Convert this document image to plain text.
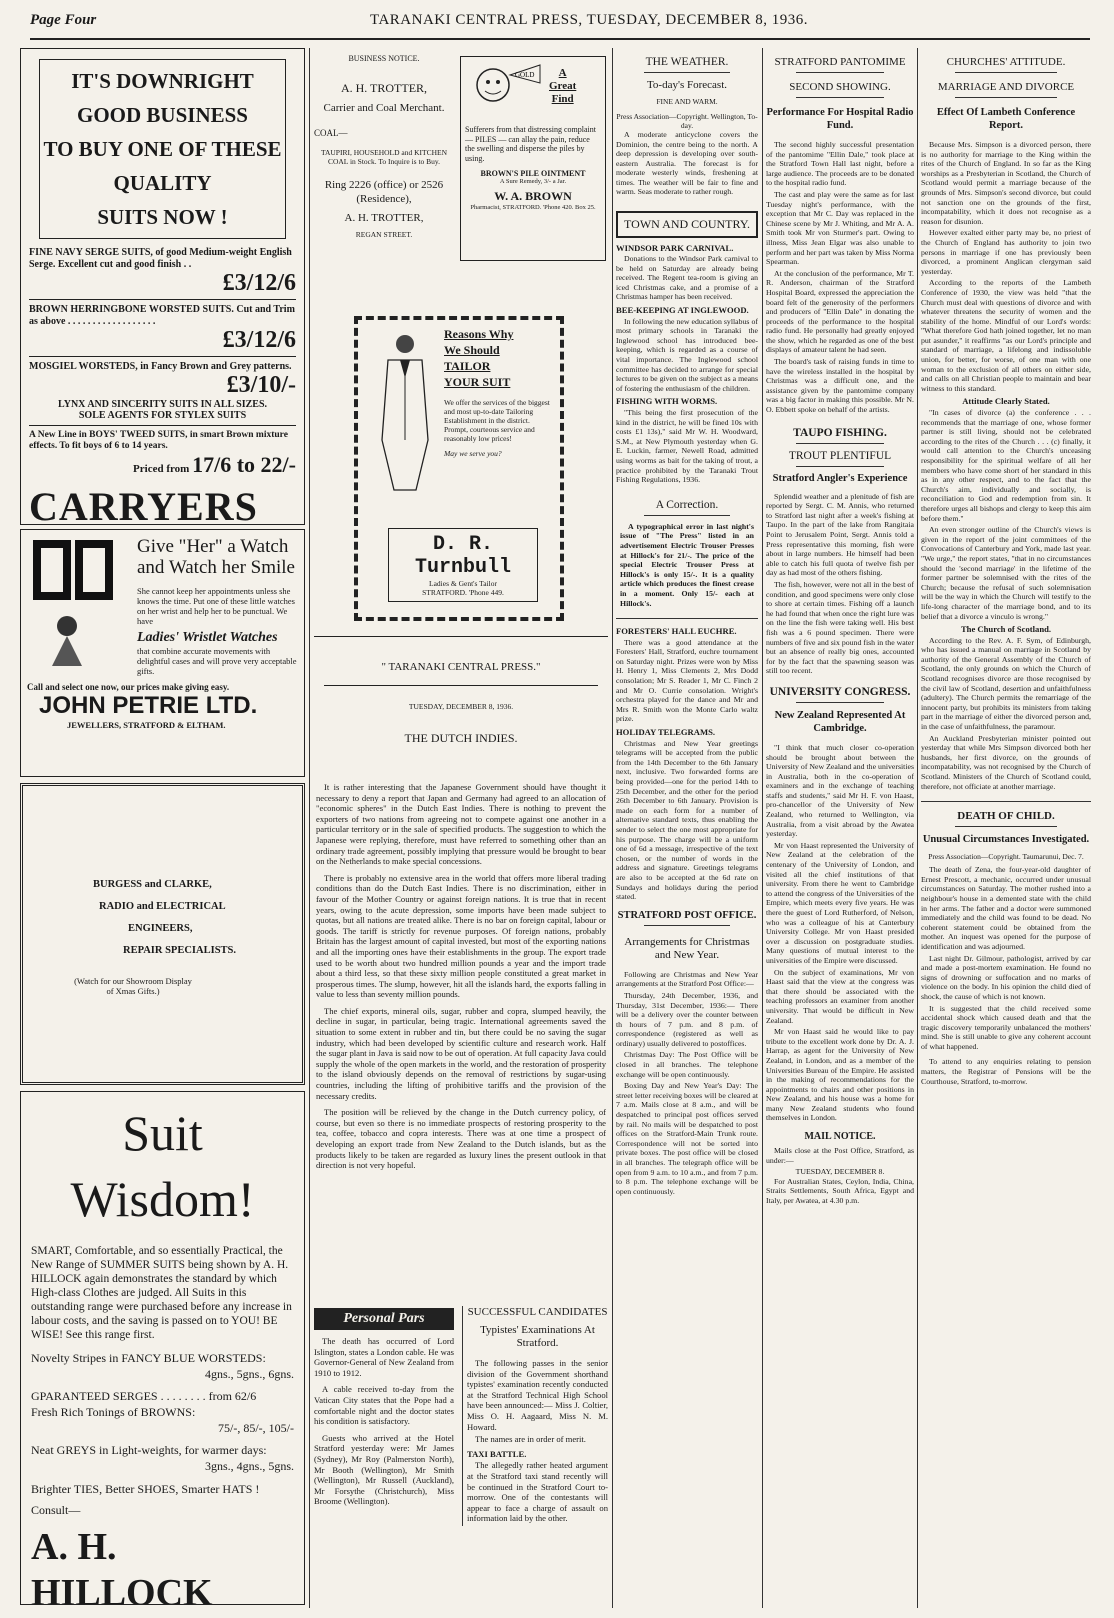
Page Four	TARANAKI CENTRAL PRESS, TUESDAY, DECEMBER 8, 1936.
IT'S DOWNRIGHT GOOD BUSINESS
TO BUY ONE OF THESE QUALITY
SUITS NOW !
FINE NAVY SERGE SUITS, of good Medium-weight English Serge. Excellent cut and good finish . .
£3/12/6
BROWN HERRINGBONE WORSTED SUITS. Cut and Trim as above . . . . . . . . . . . . . . . . . .
£3/12/6
MOSGIEL WORSTEDS, in Fancy Brown and Grey patterns.
£3/10/-
LYNX AND SINCERITY SUITS IN ALL SIZES.
SOLE AGENTS FOR STYLEX SUITS
A New Line in BOYS' TWEED SUITS, in smart Brown mixture effects. To fit boys of 6 to 14 years.
Priced from 17/6 to 22/-
CARRYERS
Give "Her" a Watch
and Watch her Smile
She cannot keep her appointments unless she knows the time. Put one of these little watches on her wrist and help her to be punctual. We have
Ladies' Wristlet Watches
that combine accurate movements with delightful cases and will prove very acceptable gifts.
Call and select one now, our prices make giving easy.
JOHN PETRIE LTD.
JEWELLERS, STRATFORD & ELTHAM.
BURGESS and CLARKE,
RADIO and ELECTRICAL
ENGINEERS,
REPAIR SPECIALISTS.
(Watch for our Showroom Display of Xmas Gifts.)
Suit Wisdom!
SMART, Comfortable, and so essentially Practical, the New Range of SUMMER SUITS being shown by A. H. HILLOCK again demonstrates the standard by which High-class Clothes are judged. All Suits in this outstanding range were purchased before any increase in labour costs, and the saving is passed on to YOU! BE WISE! See this range first.
Novelty Stripes in FANCY BLUE WORSTEDS:
4gns., 5gns., 6gns.
GPARANTEED SERGES . . . . . . . . from 62/6
Fresh Rich Tonings of BROWNS:
75/-, 85/-, 105/-
Neat GREYS in Light-weights, for warmer days:
3gns., 4gns., 5gns.
Brighter TIES, Better SHOES, Smarter HATS !
Consult—
A. H. HILLOCK
BUSINESS NOTICE.
A. H. TROTTER,
Carrier and Coal Merchant.
COAL—
TAUPIRI, HOUSEHOLD and KITCHEN COAL in Stock. To Inquire is to Buy.
Ring 2226 (office) or 2526 (Residence),
A. H. TROTTER,
REGAN STREET.
GOLD	A
Great
Find
Sufferers from that distressing complaint— PILES — can allay the pain, reduce the swelling and disperse the piles by using.
BROWN'S PILE OINTMENT
A Sure Remedy, 3/- a Jar.
W. A. BROWN
Pharmacist, STRATFORD. 'Phone 420. Box 25.
Reasons Why
We Should
TAILOR
YOUR SUIT
We offer the services of the biggest and most up-to-date Tailoring Establishment in the district. Prompt, courteous service and reasonably low prices!
May we serve you?
D. R. Turnbull
Ladies & Gent's Tailor
STRATFORD. 'Phone 449.
" TARANAKI CENTRAL PRESS."
TUESDAY, DECEMBER 8, 1936.
THE DUTCH INDIES.

It is rather interesting that the Japanese Government should have thought it necessary to deny a report that Japan and Germany had agreed to an allocation of "economic spheres" in the Dutch East Indies. There is nothing to prevent the exporters of two nations from agreeing not to compete against one another in a particular territory or in the sale of specified products. The suggestion to which the Japanese were replying, therefore, must have referred to something other than an ordinary trade agreement, possibly implying that pressure would be brought to bear on the Netherlands to make special concessions.

There is probably no extensive area in the world that offers more liberal trading conditions than do the Dutch East Indies. There is no discrimination, either in favour of the Mother Country or against foreign nations. It is true that in recent years, owing to the acute depression, some imports have been made subject to quotas, but all nations are treated alike. There is no bar on foreign capital, labour or goods. The tariff is strictly for revenue purposes. Of foreign nations, probably Britain has the largest amount of capital invested, but most of the exporting nations and all the importing ones have their establishments in the group. The export trade used to be worth about two hundred million pounds a year and the import trade about a third less, so that these sixty million people constituted a great market in prosperous times. The slump, however, hit all the islands hard, the exports falling in value to less than seventy million pounds.

The chief exports, mineral oils, sugar, rubber and copra, slumped heavily, the decline in sugar, in particular, being tragic. International agreements saved the situation to some extent in rubber and tin, but there could be no saving the sugar industry, which had been developed by scientific culture and research work. Half the sugar plant in Java is said now to be out of operation. At full capacity Java could supply the whole of the open markets in the world, and the restoration of prosperity to the island obviously depends on the removal of restrictions by sugar-using countries, including the lifting of prohibitive tariffs and the provision of the necessary credits.

The position will be relieved by the change in the Dutch currency policy, of course, but even so there is no immediate prospects of restoring prosperity to the tea, coffee, tobacco and copra interests. There was at one time a prospect of developing an export trade from New Zealand to the Dutch islands, but as the products likely to be taken are regarded as luxury lines the present outlook in that direction is not very hopeful.

Personal Pars

The death has occurred of Lord Islington, states a London cable. He was Governor-General of New Zealand from 1910 to 1912.

A cable received to-day from the Vatican City states that the Pope had a comfortable night and the doctor states his condition is satisfactory.

Guests who arrived at the Hotel Stratford yesterday were: Mr James (Sydney), Mr Roy (Palmerston North), Mr Booth (Wellington), Mr Smith (Wellington), Mr Russell (Auckland), Mr Forsythe (Christchurch), Miss Broome (Wellington).

SUCCESSFUL CANDIDATES
Typistes' Examinations At Stratford.

The following passes in the senior division of the Government shorthand typistes' examination recently conducted at the Stratford Technical High School have been announced:— Miss J. Coltier, Miss O. H. Aagaard, Miss N. M. Howard.

The names are in order of merit.

TAXI BATTLE.

The allegedly rather heated argument at the Stratford taxi stand recently will be continued in the Stratford Court to-morrow. One of the contestants will appear to face a charge of assault on information laid by the other.

THE WEATHER.
To-day's Forecast.
FINE AND WARM.
Press Association—Copyright. Wellington, To-day.

A moderate anticyclone covers the Dominion, the centre being to the north. A deep depression is developing over south-eastern Australia. The forecast is for moderate westerly winds, freshening at times. The weather will be fair to fine and warm. Seas moderate to rather rough.

TOWN AND COUNTRY.
WINDSOR PARK CARNIVAL.

Donations to the Windsor Park carnival to be held on Saturday are already being received. The Regent tea-room is giving an iced Christmas cake, and a promise of a Christmas hamper has been received.

BEE-KEEPING AT INGLEWOOD.

In following the new education syllabus of most primary schools in Taranaki the Inglewood school has introduced bee-keeping, which is regarded as a course of vital importance. The Inglewood school committee has decided to arrange for special lectures to be given on the subject as a means of fostering the enthusiasm of the children.

FISHING WITH WORMS.

"This being the first prosecution of the kind in the district, he will be fined 10s with costs £1 13s)," said Mr W. H. Woodward, S.M., at New Plymouth yesterday when G. E. Luckin, farmer, Newell Road, admitted using worms as bait for the taking of trout, a practice prohibited by the Taranaki Trout Fishing Regulations, 1936.

A Correction.

A typographical error in last night's issue of "The Press" listed in an advertisement Electric Trouser Presses at Hillock's for 21/-. The price of the special Electric Trouser Press at Hillock's is only 15/-. It is a quality article which produces the finest crease in a moment. Only 15/- each at Hillock's.

FORESTERS' HALL EUCHRE.

There was a good attendance at the Foresters' Hall, Stratford, euchre tournament on Saturday night. Prizes were won by Miss H. Henry 1, Miss Clements 2, Mrs Dodd consolation; Mr S. Reader 1, Mr C. Finch 2 and Mr O. Currie consolation. Wright's orchestra played for the dance and Mr and Mrs R. Smith won the Monte Carlo waltz prize.

HOLIDAY TELEGRAMS.

Christmas and New Year greetings telegrams will be accepted from the public from the 14th December to the 6th January next, inclusive. Two forwarded forms are being provided—one for the period 14th to 25th December, and the other for the period 26th December to 6th January. Provision is made on each form for a number of alternative standard texts, thus enabling the sender to select the one most appropriate for his purpose. The charge will be a uniform one of 6d a message, irrespective of the text chosen, or the number of words in the address and signature. Greetings telegrams are also to be accepted at the 6d rate on Sundays and holidays during the period stated.

STRATFORD POST OFFICE.
Arrangements for Christmas and New Year.

Following are Christmas and New Year arrangements at the Stratford Post Office:—

Thursday, 24th December, 1936, and Thursday, 31st December, 1936:— There will be a delivery over the counter between th hours of 7 p.m. and 8 p.m. of correspondence (registered as well as ordinary) usually delivered to postoffices.

Christmas Day: The Post Office will be closed in all branches. The telephone exchange will be open continuously.

Boxing Day and New Year's Day: The street letter receiving boxes will be cleared at 7 a.m. Mails close at 8 a.m., and will be despatched to principal post offices served by rail. No mails will be despatched to post offices on the Stratford-Main Trunk route. Correspondence will not be sorted into private boxes. The post office will be closed in all branches. The telegraph office will be open from 9 a.m. to 10 a.m., and from 7 p.m. to 8 p.m. The telephone exchange will be open continuously.

STRATFORD PANTOMIME
SECOND SHOWING.
Performance For Hospital Radio Fund.

The second highly successful presentation of the pantomime "Ellin Dale," took place at the Stratford Town Hall last night, before a large audience. The proceeds are to be donated to the hospital radio fund.

The cast and play were the same as for last Tuesday night's performance, with the exception that Mr C. Day was replaced in the Chinese scene by Mr J. Whiting, and Mr A. A. Smith took Mr von Sturmer's part. Owing to illness, Miss Jean Elgar was also unable to perform and her part was taken by Miss Norma Spearman.

At the conclusion of the performance, Mr T. R. Anderson, chairman of the Stratford Hospital Board, expressed the appreciation the board felt of the generosity of the performers and producers of "Ellin Dale" in donating the proceeds of the performance to the hospital radio fund. He personally had greatly enjoyed the show, which he regarded as one of the best displays of amateur talent he had seen.

The board's task of raising funds in time to have the wireless installed in the hospital by Christmas was a difficult one, and the assistance given by the pantomime company was a big factor in making this possible. Mr N. O. Ebbett spoke on behalf of the artists.

TAUPO FISHING.
TROUT PLENTIFUL
Stratford Angler's Experience

Splendid weather and a plenitude of fish are reported by Sergt. C. M. Annis, who returned to Stratford last night after a week's fishing at Taupo. In the part of the lake from Rangitaia Point to Jerusalem Point, Sergt. Annis told a Press representative this morning, fish were about in large numbers. He himself had been able to catch his full quota of twelve fish per day as had most of the others fishing.

The fish, however, were not all in the best of condition, and good specimens were only close to shore at certain times. Fishing off a launch he had found that when once the right lure was on the line the fish were taking well. His best fish was a 6 pound specimen. There were numbers of five and six pound fish in the water but an absence of really big ones, accounted for by the fact that the spawning season was still too recent.

UNIVERSITY CONGRESS.
New Zealand Represented At Cambridge.

"I think that much closer co-operation should be brought about between the University of New Zealand and the universities in Australia, both in the co-operation of examiners and in the exchange of teaching staffs and students," said Mr H. F. von Haast, pro-chancellor of the University of New Zealand, who returned to Wellington, via Australia, from a visit abroad by the Awatea yesterday.

Mr von Haast represented the University of New Zealand at the celebration of the centenary of the University of London, and visited all the chief institutions of that university. From there he went to Cambridge to attend the congress of the Universities of the Empire, which meets every five years. He was there the guest of Lord Rutherford, of Nelson, who was a colleague of his at Canterbury University College. Mr von Haast presided over a discussion on postgraduate studies. Many questions of mutual interest to the universities of the Empire were discussed.

On the subject of examinations, Mr von Haast said that the view at the congress was that there should be associated with the teaching professors an examiner from another university. That would be difficult in New Zealand.

Mr von Haast said he would like to pay tribute to the excellent work done by Dr. A. J. Harrap, as agent for the University of New Zealand, in London, and as a member of the Universities Bureau of the Empire. He assisted in the making of recommendations for the appointments to chairs and other positions in New Zealand, and his house was a home for many New Zealand students who found themselves in London.

MAIL NOTICE.

Mails close at the Post Office, Stratford, as under:—

TUESDAY, DECEMBER 8.

For Australian States, Ceylon, India, China, Straits Settlements, South Africa, Egypt and Italy, per Awatea, at 4.30 p.m.

CHURCHES' ATTITUDE.
MARRIAGE AND DIVORCE
Effect Of Lambeth Conference Report.

Because Mrs. Simpson is a divorced person, there is no authority for marriage to the King within the rites of the Church of England. In so far as the King worships as a Presbyterian in Scotland, the Church of Scotland would permit a marriage because of the grounds of Mrs. Simpson's second divorce, but could not sanction one on the grounds of the first, incompatability, which it does not recognise as a reason for disunion.

However exalted either party may be, no priest of the Church of England has authority to join two persons in marriage if one has previously been divorced, a prominent Anglican clergyman said yesterday.

According to the reports of the Lambeth Conference of 1930, the view was held "that the Church must deal with questions of divorce and with whatever threatens the security of women and the stability of the home. Mindful of our Lord's words: "What therefore God hath joined together, let no man put asunder," it reaffirms "as our Lord's principle and standard of marriage, a lifelong and indissoluble union, for better, for worse, of one man with one woman to the exclusion of all others on either side, and calls on all Christian people to maintain and bear witness to this standard.

Attitude Clearly Stated.

"In cases of divorce (a) the conference . . . recommends that the marriage of one, whose former partner is still living, should not be celebrated according to the rites of the Church . . . (c) finally, it would call attention to the Church's unceasing responsibility for the spiritual welfare of all her members who have come short of her standard in this as in any other respect, and to the fact that the Church's aim, individually and socially, is reconciliation to God and redemption from sin. It therefore urges all bishops and clergy to keep this aim before them."

An even stronger outline of the Church's views is given in the report of the joint committees of the Convocations of Canterbury and York, made last year. "We urge," the report states, "that in no circumstances should the 'second marriage' in the lifetime of the former partner be solemnised with the rites of the Church; because the refusal of such solemnisation will be the way in which the Church will testify to the life-long character of the marriage bond, and to its belief that a divorce a vinculo is wrong."

The Church of Scotland.

According to the Rev. A. F. Sym, of Edinburgh, who has issued a manual on marriage in Scotland by authority of the General Assembly of the Church of Scotland, the only grounds on which the Church of Scotland recognises divorce are those recognised by the civil law of Scotland, desertion and unfaithfulness (adultery). The Church permits the remarriage of the innocent party, but prohibits its ministers from taking part in the marriage of either the divorced person and, in the case of unfaithfulness, the paramour.

An Auckland Presbyterian minister pointed out yesterday that while Mrs Simpson divorced both her husbands, her first divorce, on the grounds of incompatability, was not recognised by the Church of Scotland. Ministers of the Church of Scotland could, therefore, not officiate at another marriage.

DEATH OF CHILD.
Unusual Circumstances Investigated.
Press Association—Copyright. Taumarunui, Dec. 7.

The death of Zena, the four-year-old daughter of Ernest Prescott, a mechanic, occurred under unusual circumstances on Saturday. The mother rushed into a neighbour's house in a demented state with the child in her arms. The father and a doctor were summoned immediately and the child was found to be dead. No coherent statement could be obtained from the mother. An inquest was opened for the purpose of identification and was adjourned.

Last night Dr. Gilmour, pathologist, arrived by car and made a post-mortem examination. He found no signs of drowning or suffocation and no marks of violence on the body. In his opinion the child died of shock, the cause of which is not known.

It is suggested that the child received some accidental shock which caused death and that the tragic discovery temporarily unbalanced the mothers' mind. She is still unable to give any coherent account of what happened.

To attend to any enquiries relating to pension matters, the Registrar of Pensions will be the Courthouse, Stratford, to-morrow.
